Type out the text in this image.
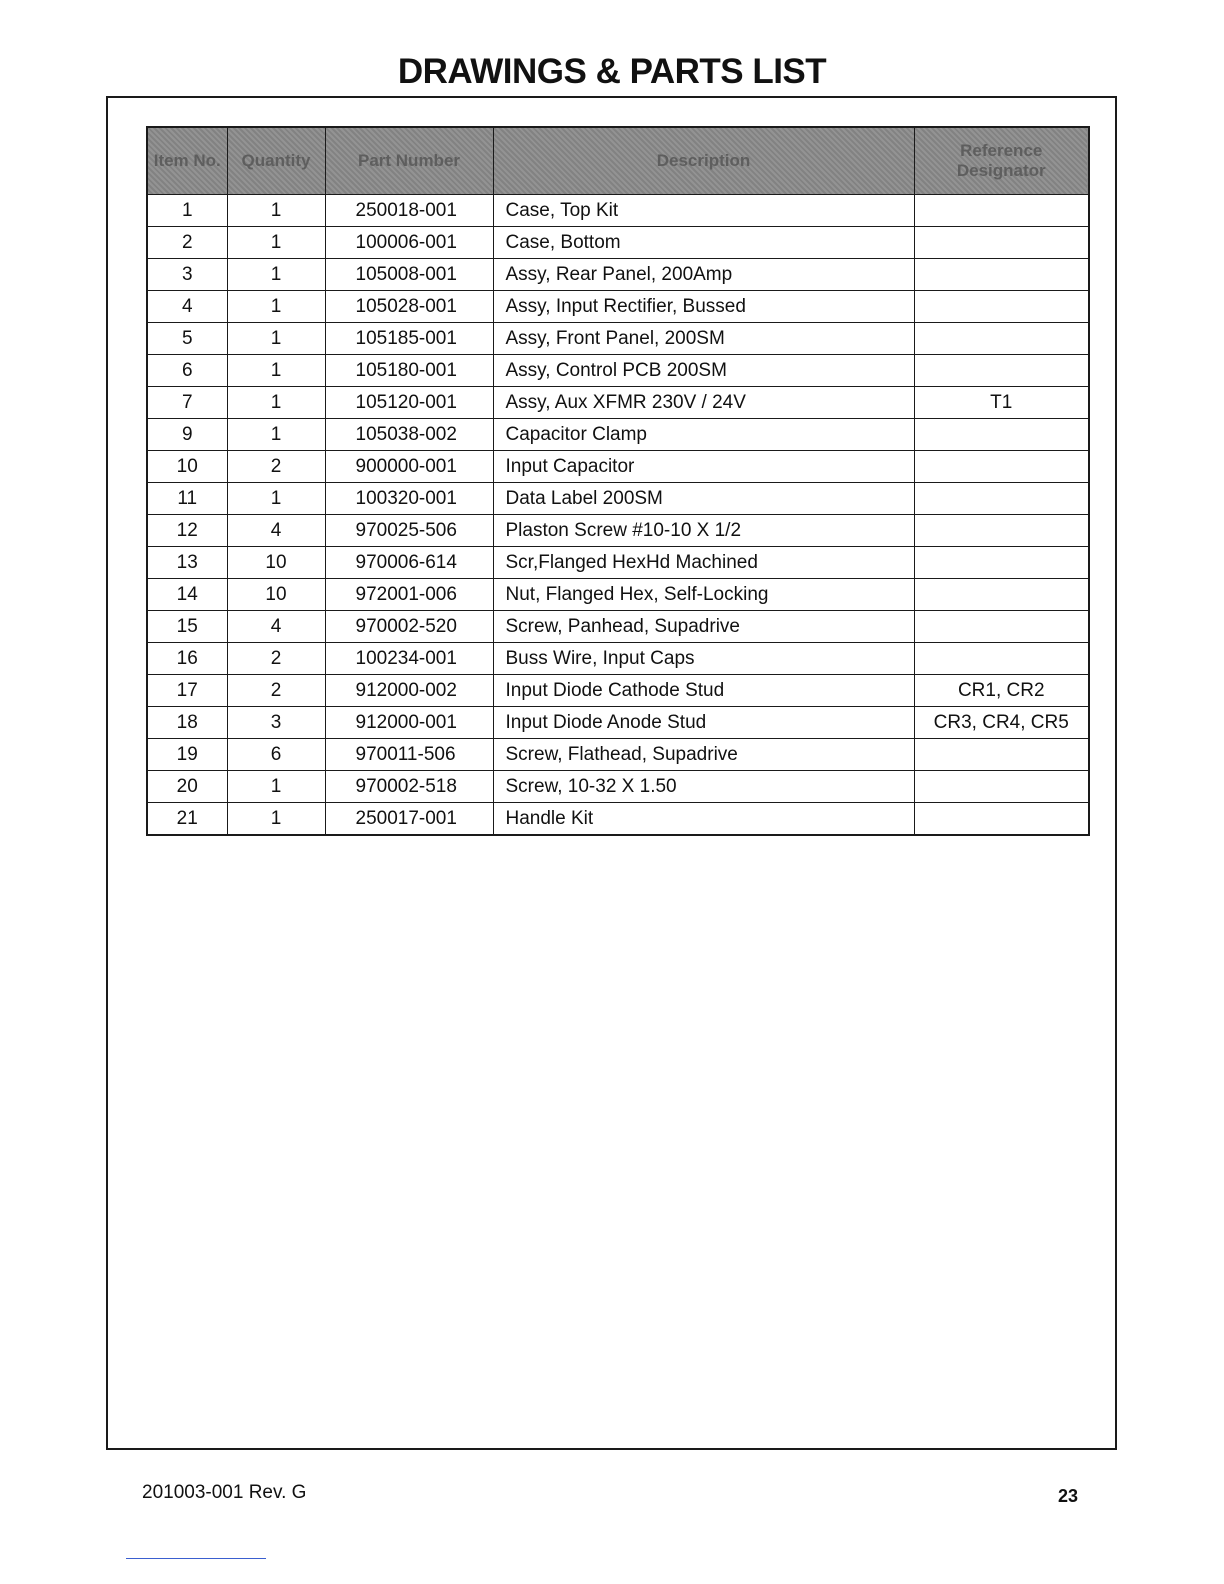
DRAWINGS & PARTS LIST
Item No.	Quantity	Part Number	Description	Reference Designator
1	1	250018-001	Case, Top Kit	
2	1	100006-001	Case, Bottom	
3	1	105008-001	Assy, Rear Panel, 200Amp	
4	1	105028-001	Assy, Input Rectifier, Bussed	
5	1	105185-001	Assy, Front Panel, 200SM	
6	1	105180-001	Assy, Control PCB 200SM	
7	1	105120-001	Assy, Aux XFMR 230V / 24V	T1
9	1	105038-002	Capacitor Clamp	
10	2	900000-001	Input Capacitor	
11	1	100320-001	Data Label 200SM	
12	4	970025-506	Plaston Screw #10-10 X 1/2	
13	10	970006-614	Scr,Flanged HexHd Machined	
14	10	972001-006	Nut, Flanged Hex, Self-Locking	
15	4	970002-520	Screw, Panhead, Supadrive	
16	2	100234-001	Buss Wire, Input Caps	
17	2	912000-002	Input Diode Cathode Stud	CR1, CR2
18	3	912000-001	Input Diode Anode Stud	CR3, CR4, CR5
19	6	970011-506	Screw, Flathead, Supadrive	
20	1	970002-518	Screw, 10-32 X 1.50	
21	1	250017-001	Handle Kit	
201003-001 Rev. G	23
